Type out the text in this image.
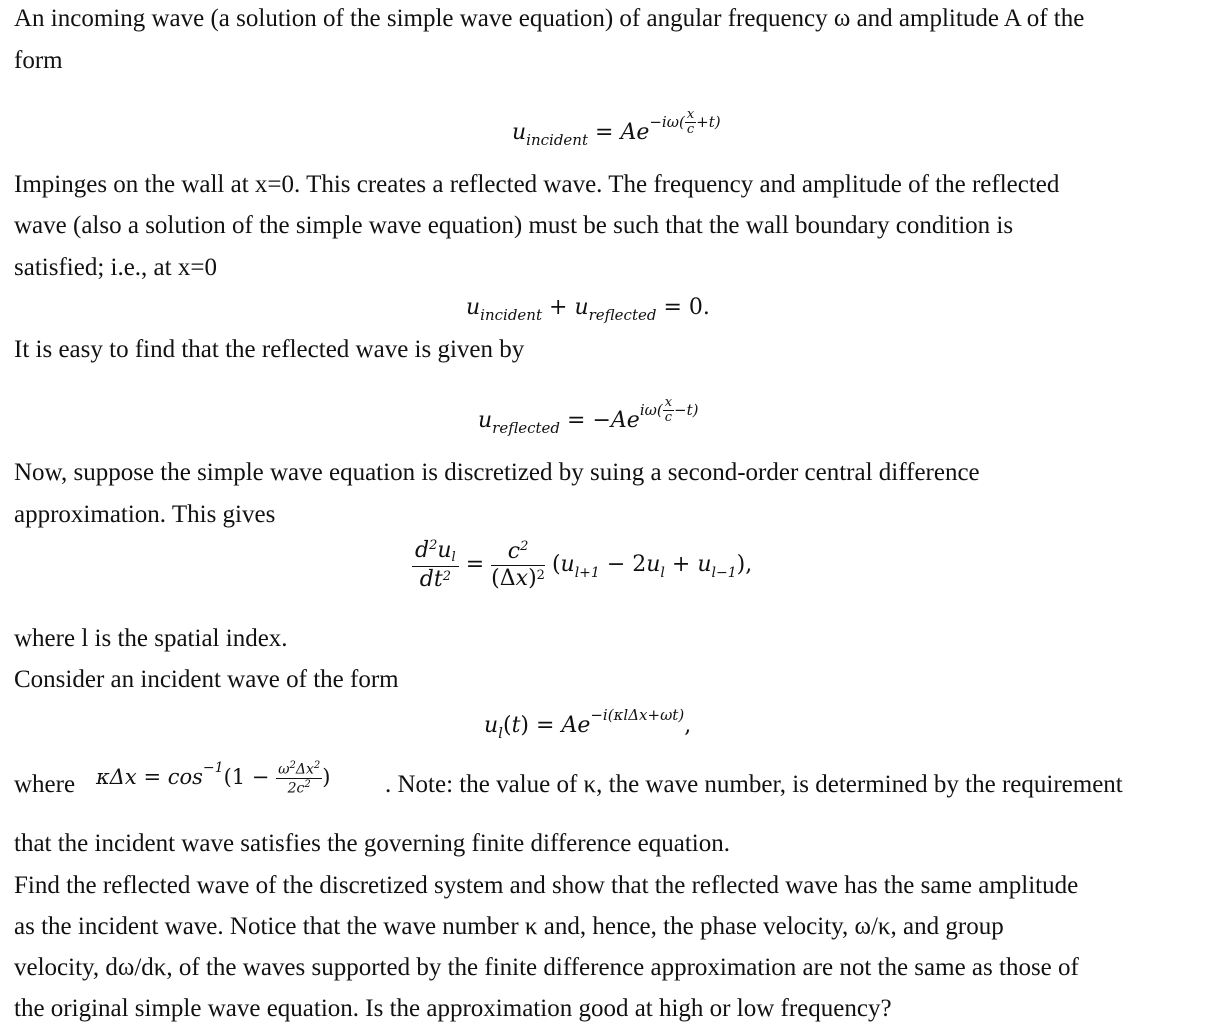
An incoming wave (a solution of the simple wave equation) of angular frequency ω and amplitude A of the
form
$u_{incident} = Ae^{-i\omega( \frac{x}{c} +t)}$
Impinges on the wall at x=0. This creates a reflected wave. The frequency and amplitude of the reflected
wave (also a solution of the simple wave equation) must be such that the wall boundary condition is
satisfied; i.e., at x=0
$u_{incident} + u_{reflected} = 0$.
It is easy to find that the reflected wave is given by
$u_{reflected} = -Ae^{i\omega( \frac{x}{c} -t)}$
Now, suppose the simple wave equation is discretized by suing a second-order central difference
approximation. This gives
$\frac{d^2u_l}{dt^2} = \frac{c^2}{(\Delta x)^2} (u_{l+1} - 2u_l + u_{l-1})$,
where l is the spatial index.
Consider an incident wave of the form
$u_l(t) = Ae^{-i(\kappa l\Delta x+\omega t)}$,
where $\kappa\Delta x = \cos^{-1}(1 - \frac{\omega^2\Delta x^2}{2c^2}$ ) . Note: the value of κ, the wave number, is determined by the requirement
that the incident wave satisfies the governing finite difference equation.
Find the reflected wave of the discretized system and show that the reflected wave has the same amplitude
as the incident wave. Notice that the wave number κ and, hence, the phase velocity, ω/κ, and group
velocity, dω/dκ, of the waves supported by the finite difference approximation are not the same as those of
the original simple wave equation. Is the approximation good at high or low frequency?
